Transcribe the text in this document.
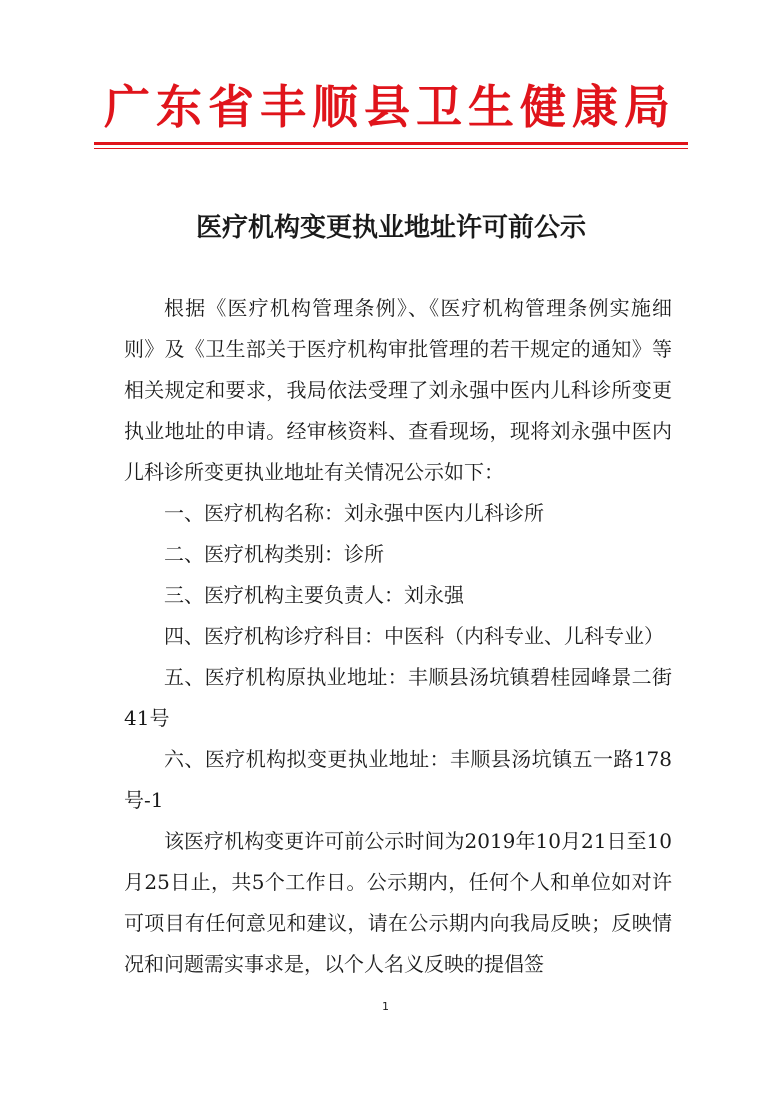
广东省丰顺县卫生健康局
医疗机构变更执业地址许可前公示

根据《医疗机构管理条例》、《医疗机构管理条例实施细则》及《卫生部关于医疗机构审批管理的若干规定的通知》等相关规定和要求，我局依法受理了刘永强中医内儿科诊所变更执业地址的申请。经审核资料、查看现场，现将刘永强中医内儿科诊所变更执业地址有关情况公示如下：

一、医疗机构名称：刘永强中医内儿科诊所

二、医疗机构类别：诊所

三、医疗机构主要负责人：刘永强

四、医疗机构诊疗科目：中医科（内科专业、儿科专业）

五、医疗机构原执业地址：丰顺县汤坑镇碧桂园峰景二街41号

六、医疗机构拟变更执业地址：丰顺县汤坑镇五一路178号-1

该医疗机构变更许可前公示时间为2019年10月21日至10月25日止，共5个工作日。公示期内，任何个人和单位如对许可项目有任何意见和建议，请在公示期内向我局反映；反映情况和问题需实事求是，以个人名义反映的提倡签

1
